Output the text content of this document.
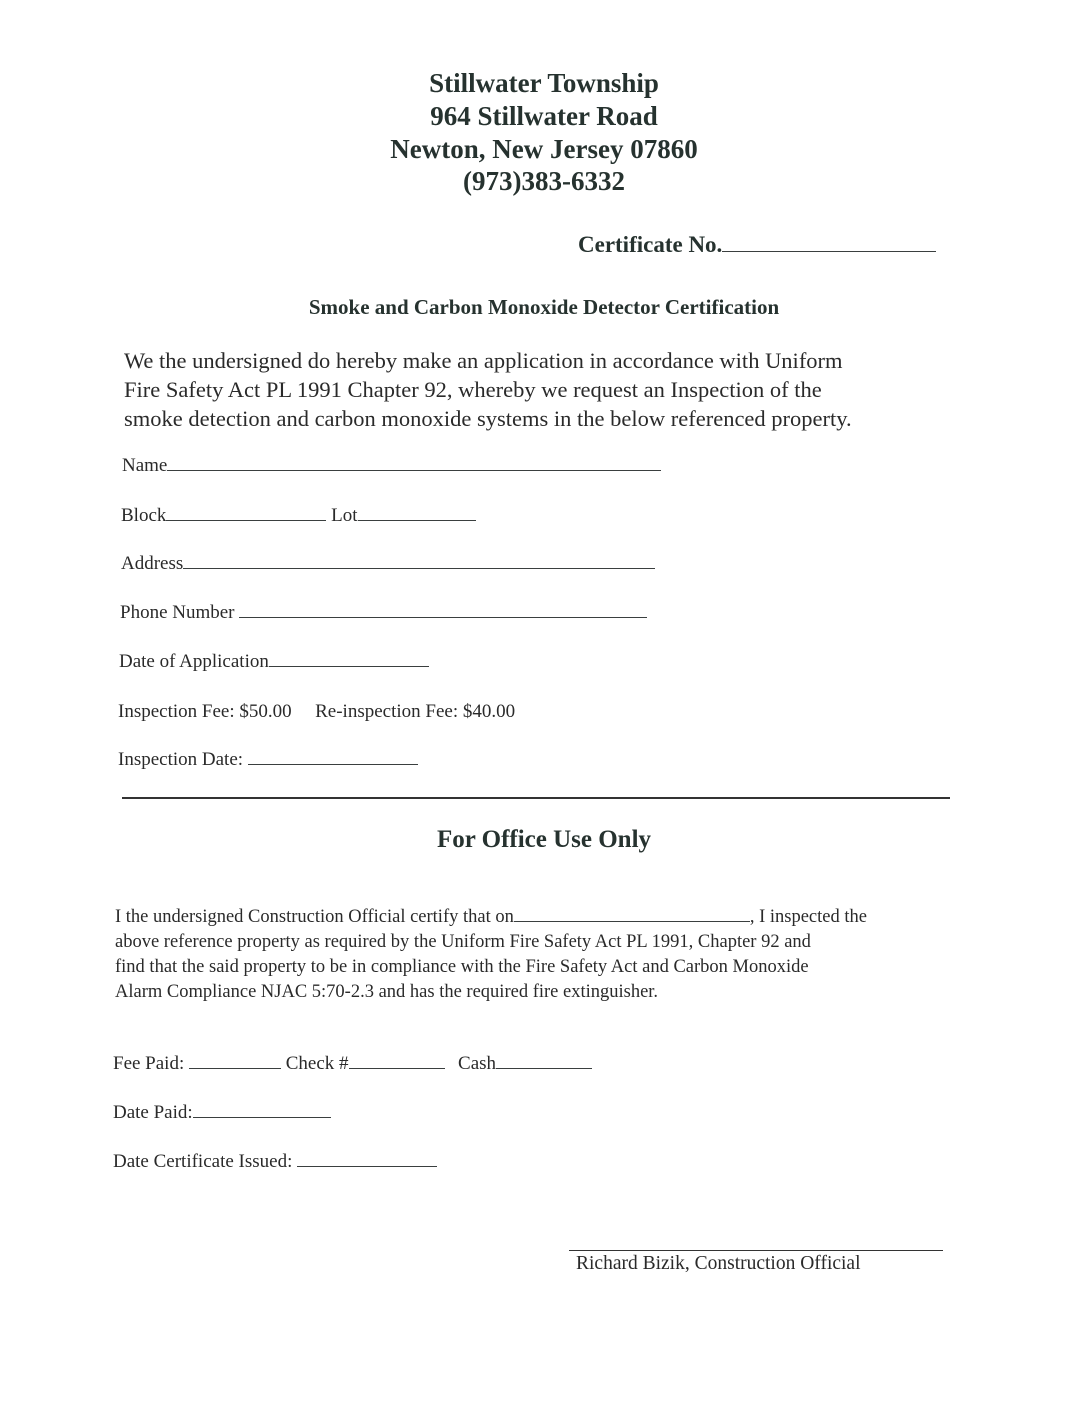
Stillwater Township
964 Stillwater Road
Newton, New Jersey 07860
(973)383-6332
Certificate No.
Smoke and Carbon Monoxide Detector Certification
We the undersigned do hereby make an application in accordance with Uniform
Fire Safety Act PL 1991 Chapter 92, whereby we request an Inspection of the
smoke detection and carbon monoxide systems in the below referenced property.
Name
Block	Lot
Address
Phone Number
Date of Application
Inspection Fee: $50.00 Re-inspection Fee: $40.00
Inspection Date:
For Office Use Only
I the undersigned Construction Official certify that on	, I inspected the
above reference property as required by the Uniform Fire Safety Act PL 1991, Chapter 92 and
find that the said property to be in compliance with the Fire Safety Act and Carbon Monoxide
Alarm Compliance NJAC 5:70-2.3 and has the required fire extinguisher.
Fee Paid:	Check #	Cash
Date Paid:
Date Certificate Issued:
Richard Bizik, Construction Official
